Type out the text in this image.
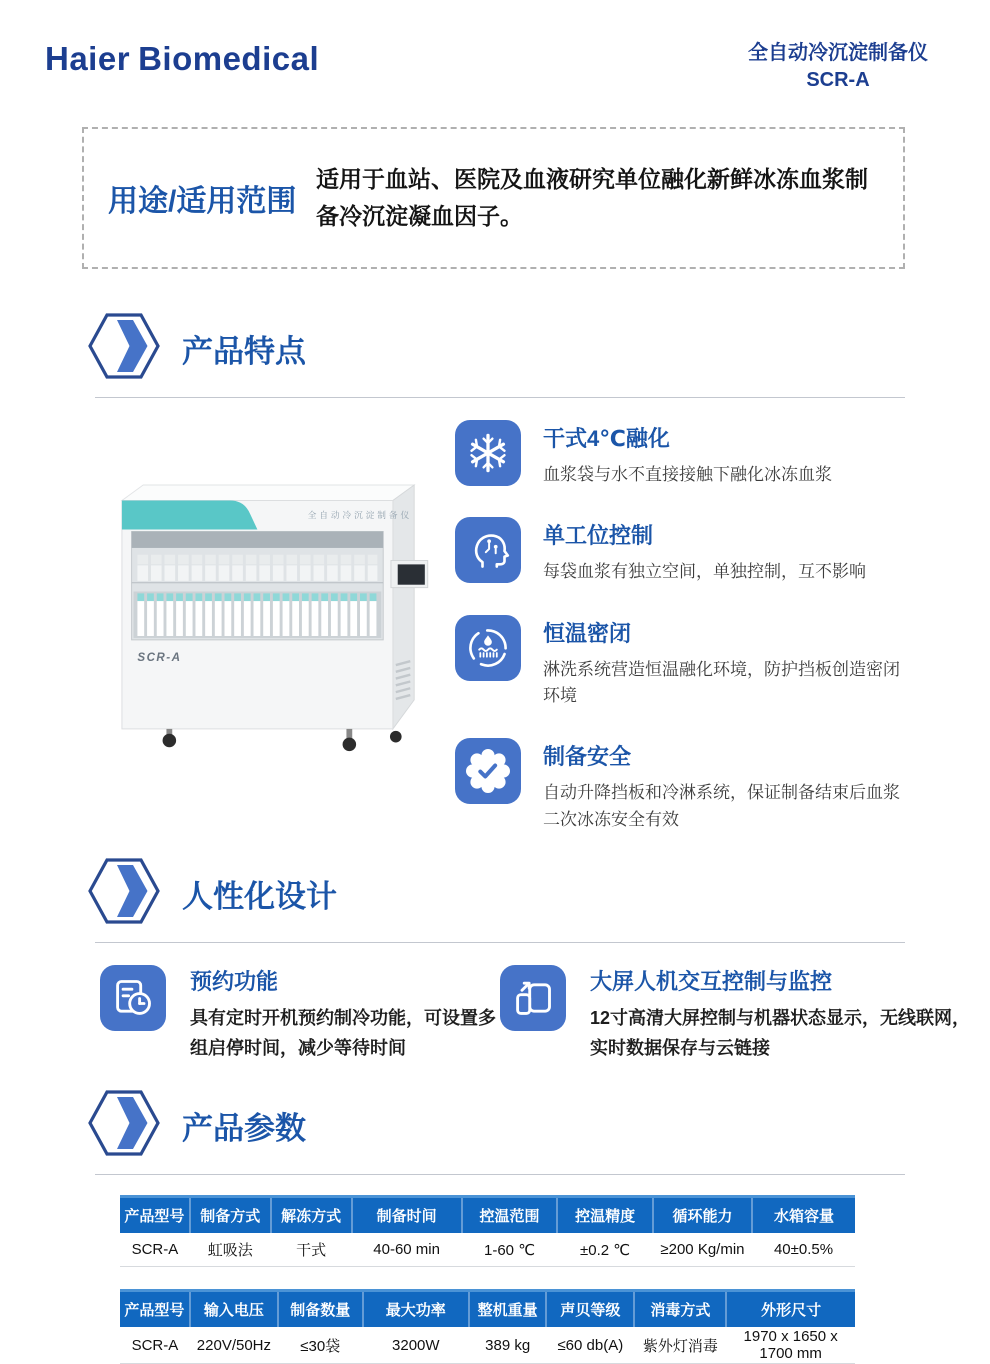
Haier Biomedical	全自动冷沉淀制备仪
SCR-A
用途/适用范围
适用于血站、医院及血液研究单位融化新鲜冰冻血浆制备冷沉淀凝血因子。
产品特点
全自动冷沉淀制备仪
SCR-A
干式4℃融化
血浆袋与水不直接接触下融化冰冻血浆
单工位控制
每袋血浆有独立空间，单独控制，互不影响
恒温密闭
淋洗系统营造恒温融化环境，防护挡板创造密闭环境
制备安全
自动升降挡板和冷淋系统，保证制备结束后血浆二次冰冻安全有效
人性化设计
预约功能
具有定时开机预约制冷功能，可设置多组启停时间，减少等待时间
大屏人机交互控制与监控
12寸高清大屏控制与机器状态显示，无线联网，实时数据保存与云链接
产品参数
产品型号	制备方式	解冻方式	制备时间	控温范围	控温精度	循环能力	水箱容量
SCR-A	虹吸法	干式	40-60 min	1-60 ℃	±0.2 ℃	≥200 Kg/min	40±0.5%
产品型号	输入电压	制备数量	最大功率	整机重量	声贝等级	消毒方式	外形尺寸
SCR-A	220V/50Hz	≤30袋	3200W	389 kg	≤60 db(A)	紫外灯消毒	1970 x 1650 x 1700 mm
